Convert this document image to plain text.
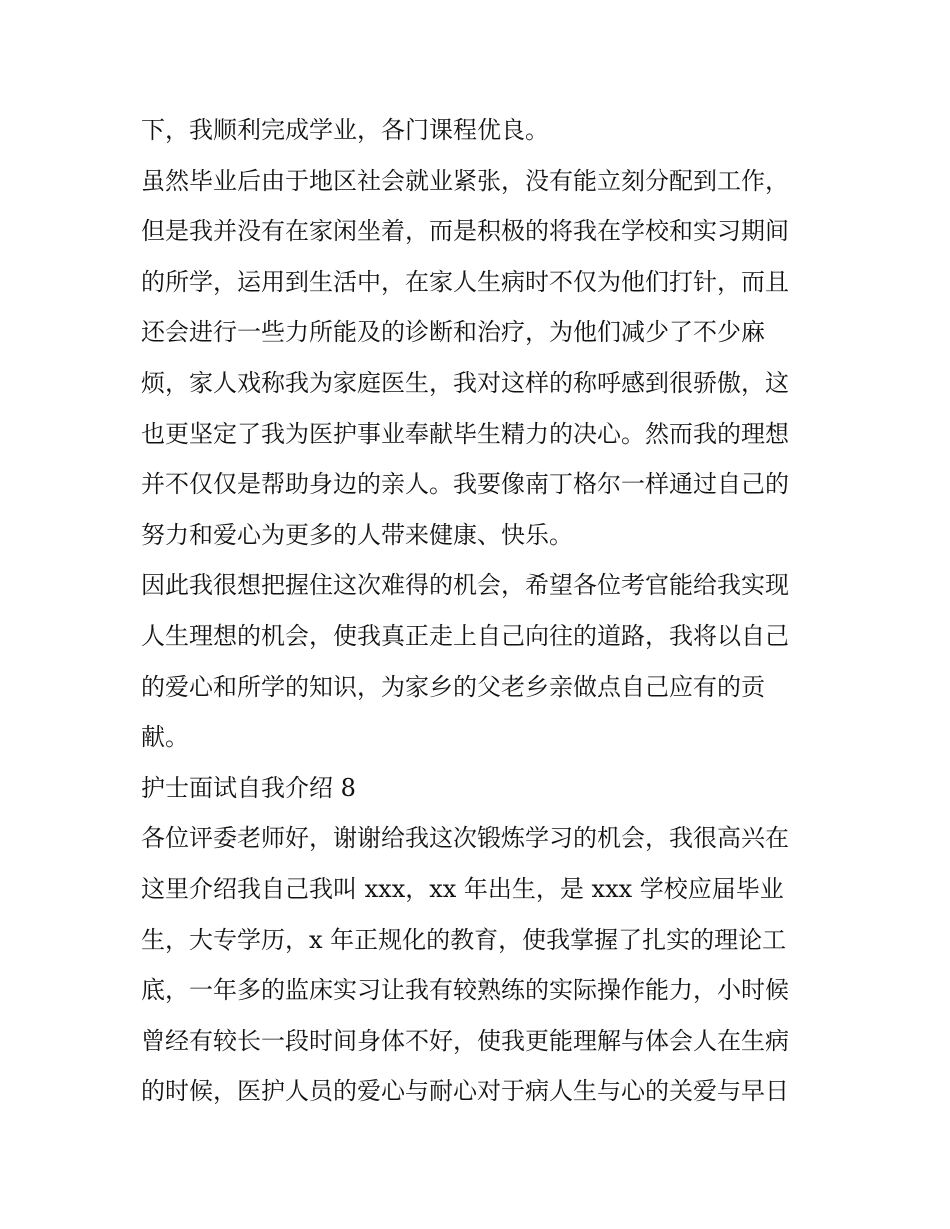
下，我顺利完成学业，各门课程优良。
虽然毕业后由于地区社会就业紧张，没有能立刻分配到工作，
但是我并没有在家闲坐着，而是积极的将我在学校和实习期间
的所学，运用到生活中，在家人生病时不仅为他们打针，而且
还会进行一些力所能及的诊断和治疗，为他们减少了不少麻
烦，家人戏称我为家庭医生，我对这样的称呼感到很骄傲，这
也更坚定了我为医护事业奉献毕生精力的决心。然而我的理想
并不仅仅是帮助身边的亲人。我要像南丁格尔一样通过自己的
努力和爱心为更多的人带来健康、快乐。
因此我很想把握住这次难得的机会，希望各位考官能给我实现
人生理想的机会，使我真正走上自己向往的道路，我将以自己
的爱心和所学的知识，为家乡的父老乡亲做点自己应有的贡
献。
护士面试自我介绍 8
各位评委老师好，谢谢给我这次锻炼学习的机会，我很高兴在
这里介绍我自己我叫 xxx，xx 年出生，是 xxx 学校应届毕业
生，大专学历，x 年正规化的教育，使我掌握了扎实的理论工
底，一年多的监床实习让我有较熟练的实际操作能力，小时候
曾经有较长一段时间身体不好，使我更能理解与体会人在生病
的时候，医护人员的爱心与耐心对于病人生与心的关爱与早日
